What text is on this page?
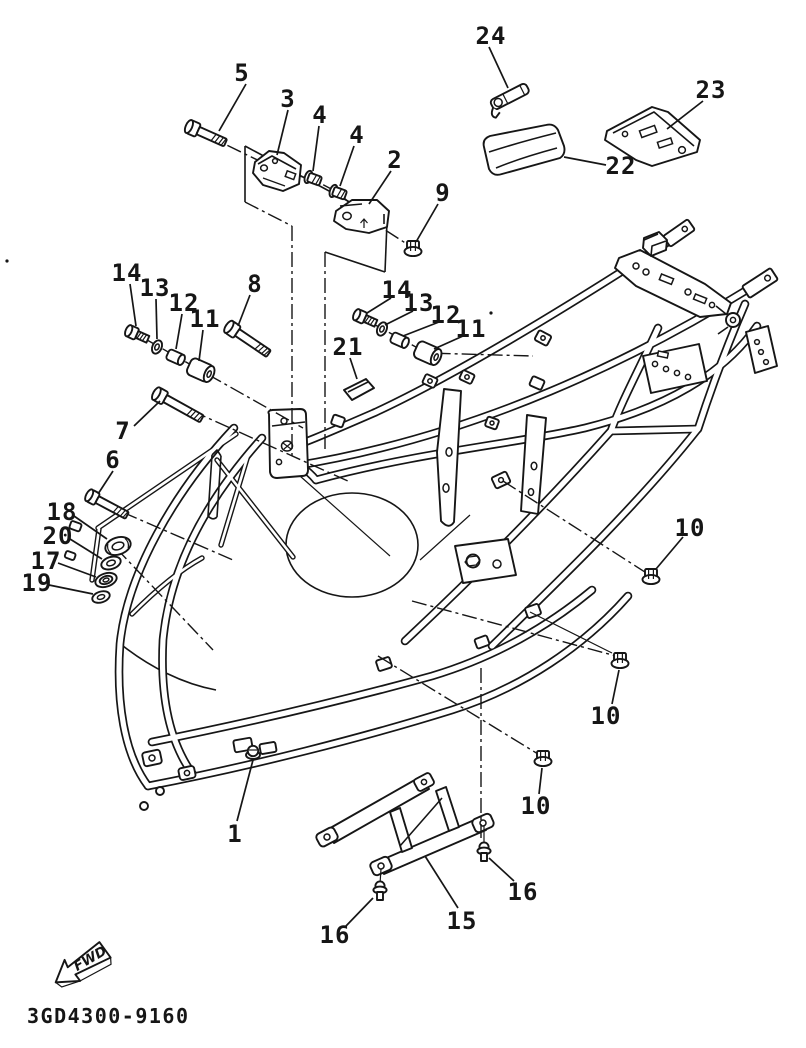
5
3
4
4
2
24
23
22
9
14
13
12
11
8	14
13
12
11
21
7
6
18
20
17
19
10
10
10
1
16	15
16
FWD
3GD4300-9160
